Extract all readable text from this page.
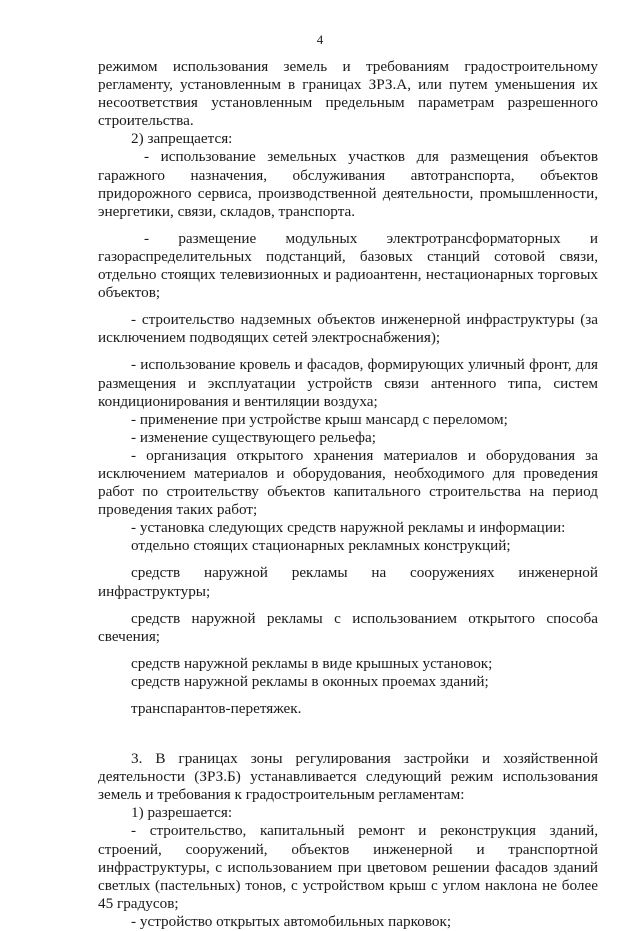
4

режимом использования земель и требованиям градостроительному регламенту, установленным в границах ЗРЗ.А, или путем уменьшения их несоответствия установленным предельным параметрам разрешенного строительства.

2) запрещается:

- использование земельных участков для размещения объектов гаражного назначения, обслуживания автотранспорта, объектов придорожного сервиса, производственной деятельности, промышленности, энергетики, связи, складов, транспорта.

- размещение модульных электротрансформаторных и газораспределительных подстанций, базовых станций сотовой связи, отдельно стоящих телевизионных и радиоантенн, нестационарных торговых объектов;

- строительство надземных объектов инженерной инфраструктуры (за исключением подводящих сетей электроснабжения);

- использование кровель и фасадов, формирующих уличный фронт, для размещения и эксплуатации устройств связи антенного типа, систем кондиционирования и вентиляции воздуха;

- применение при устройстве крыш мансард с переломом;

- изменение существующего рельефа;

- организация открытого хранения материалов и оборудования за исключением материалов и оборудования, необходимого для проведения работ по строительству объектов капитального строительства на период проведения таких работ;

- установка следующих средств наружной рекламы и информации:

отдельно стоящих стационарных рекламных конструкций;

средств наружной рекламы на сооружениях инженерной инфраструктуры;

средств наружной рекламы с использованием открытого способа свечения;

средств наружной рекламы в виде крышных установок;

средств наружной рекламы в оконных проемах зданий;

транспарантов-перетяжек.

3. В границах зоны регулирования застройки и хозяйственной деятельности (ЗРЗ.Б) устанавливается следующий режим использования земель и требования к градостроительным регламентам:

1) разрешается:

- строительство, капитальный ремонт и реконструкция зданий, строений, сооружений, объектов инженерной и транспортной инфраструктуры, с использованием при цветовом решении фасадов зданий светлых (пастельных) тонов, с устройством крыш с углом наклона не более 45 градусов;

- устройство открытых автомобильных парковок;
